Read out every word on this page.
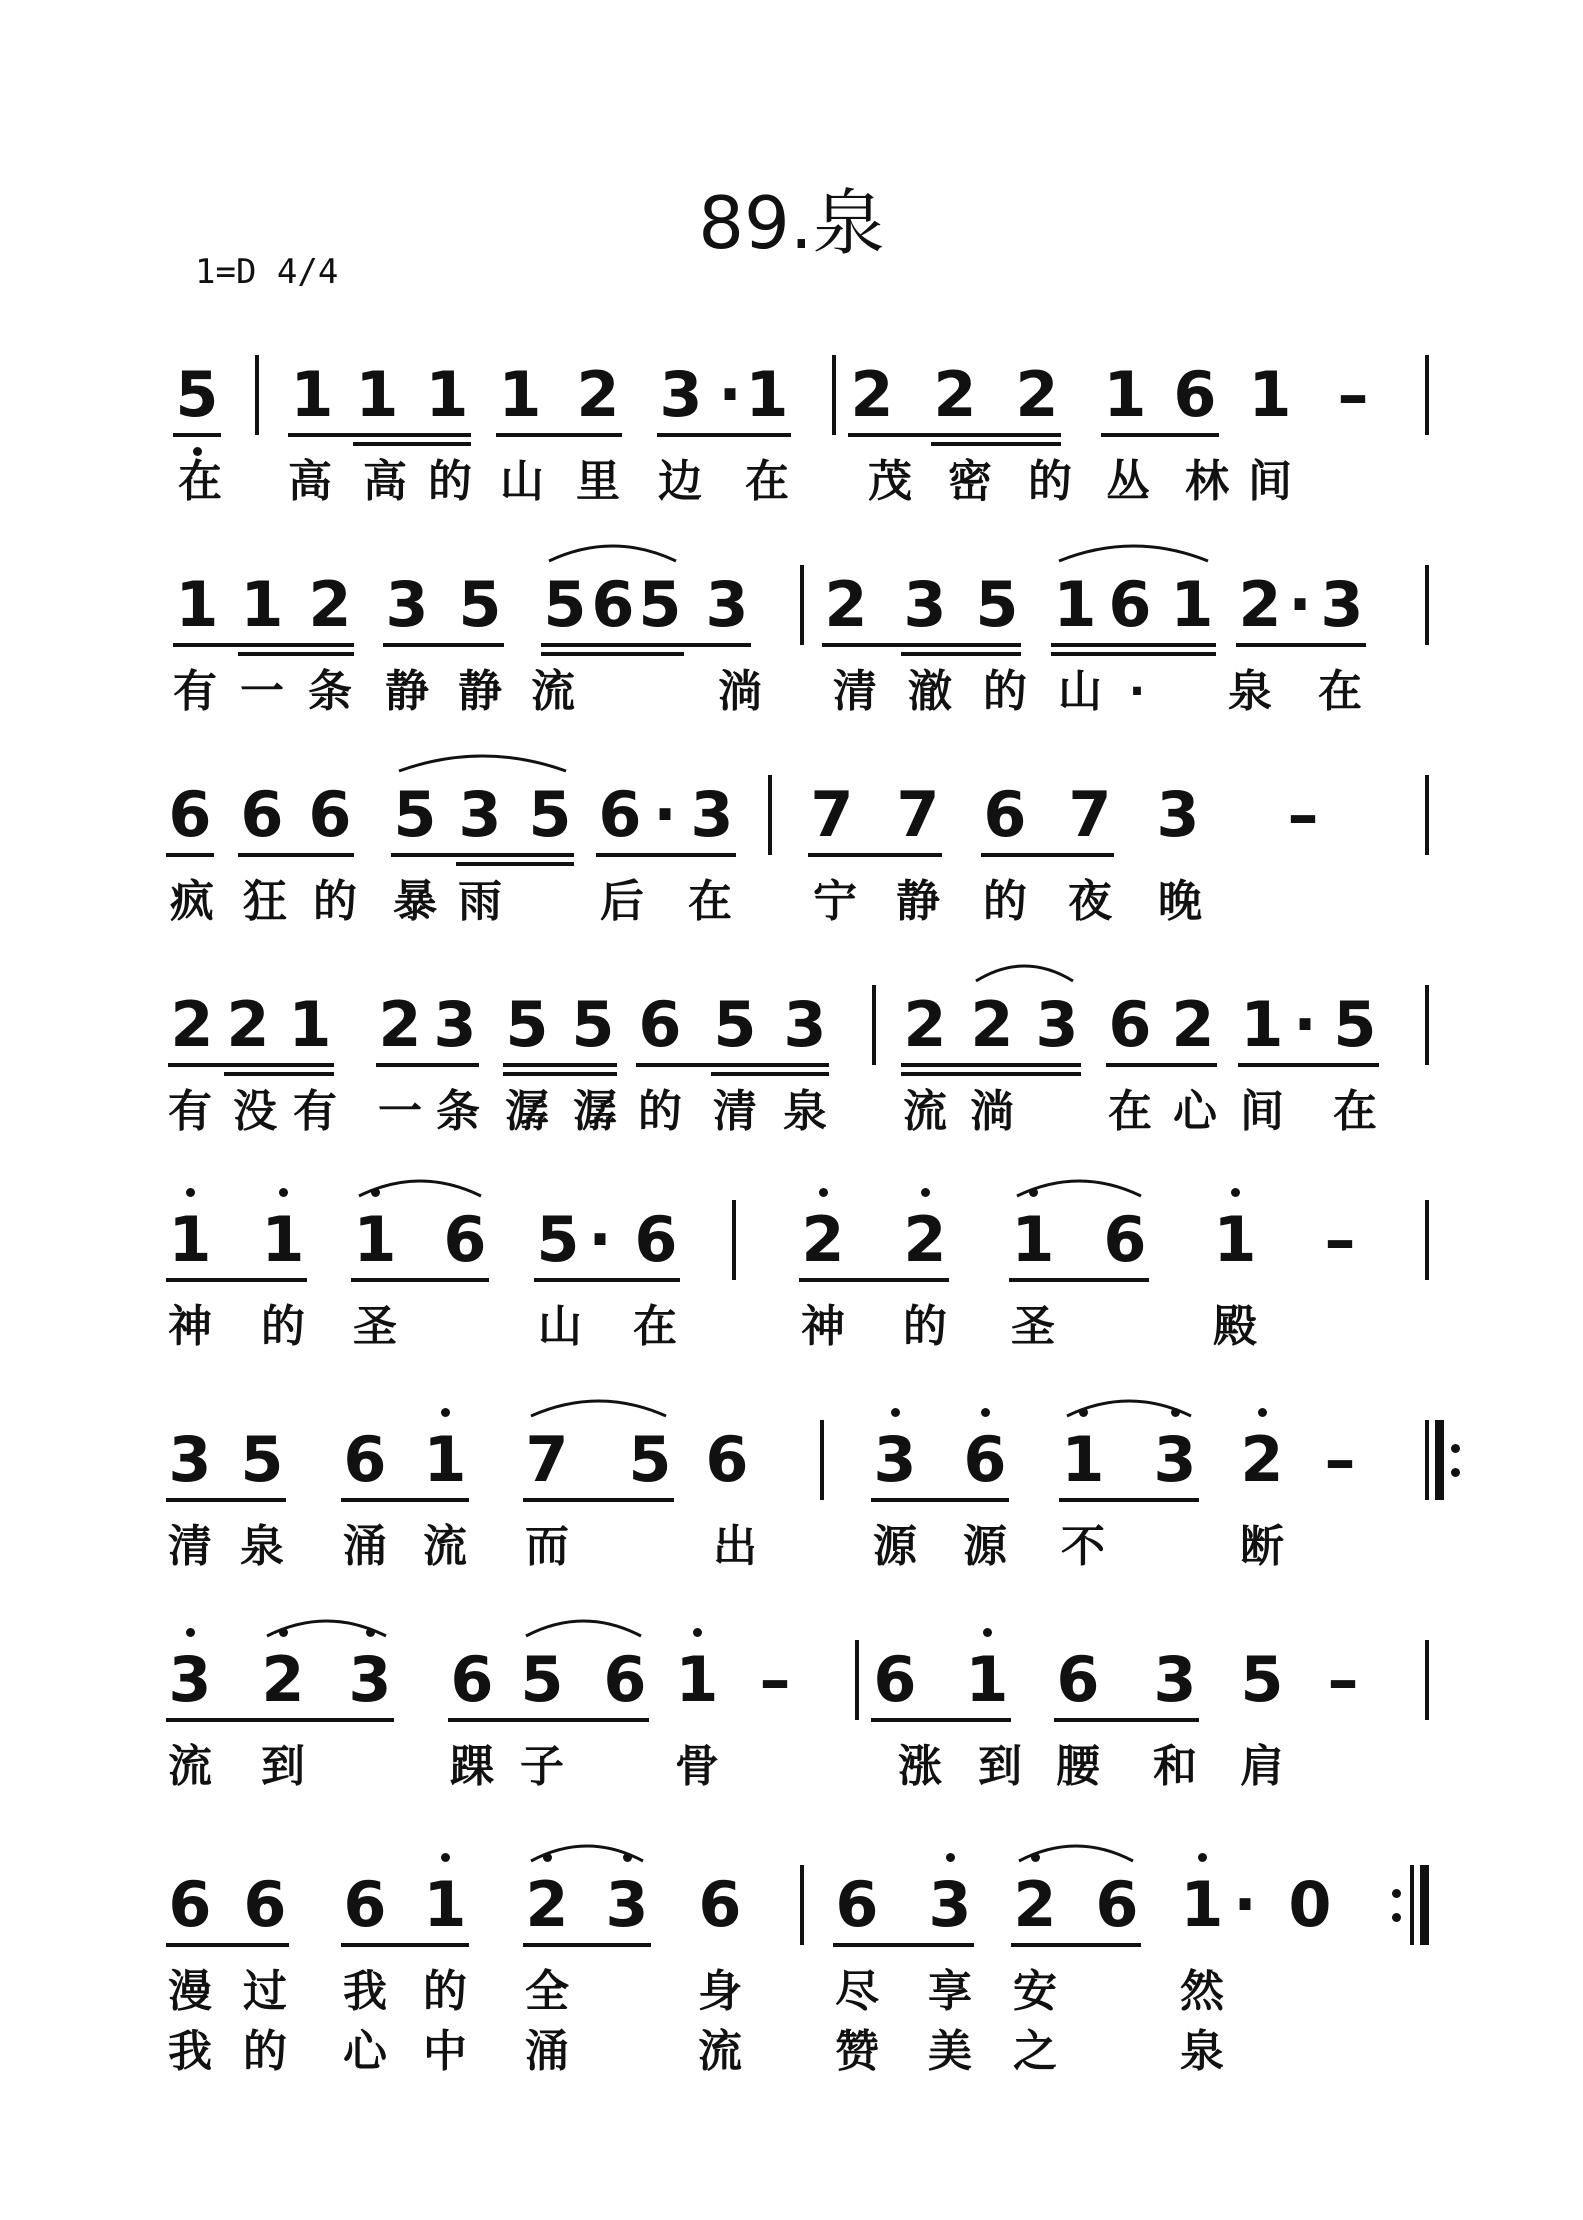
89.泉
1=D 4/4
5 1 1 1 1 2 3 · 1 2 2 2 1 6 1 –
在 高 高 的 山 里 边 在 茂 密 的 丛 林 间
1 1 2 3 5 5 6 5 3 2 3 5 1 6 1 2 · 3
有 一 条 静 静 流	淌 清 澈 的 山 ·	泉 在
6 6 6 5 3 5 6 · 3 7 7 6 7 3 –
疯 狂 的 暴 雨 后 在 宁 静 的 夜 晚
2 2 1 2 3 5 5 6 5 3 2 2 3 6 2 1 · 5
有 没 有 一 条 潺 潺 的 清 泉 流 淌 在 心 间 在
1 1 1 6 5 · 6 2 2 1 6 1 –
神 的 圣	山 在	神 的 圣	殿
3 5 6 1 7 5 6 3 6 1 3 2 –
清 泉 涌 流 而	出	源 源 不	断
3 2 3 6 5 6 1 – 6 1 6 3 5 –
流 到	踝 子	骨	涨 到 腰 和 肩
6 6 6 1 2 3 6 6 3 2 6 1 · 0
漫 过 我 的 全	身 尽 享 安	然
我 的 心 中 涌	流 赞 美 之	泉
